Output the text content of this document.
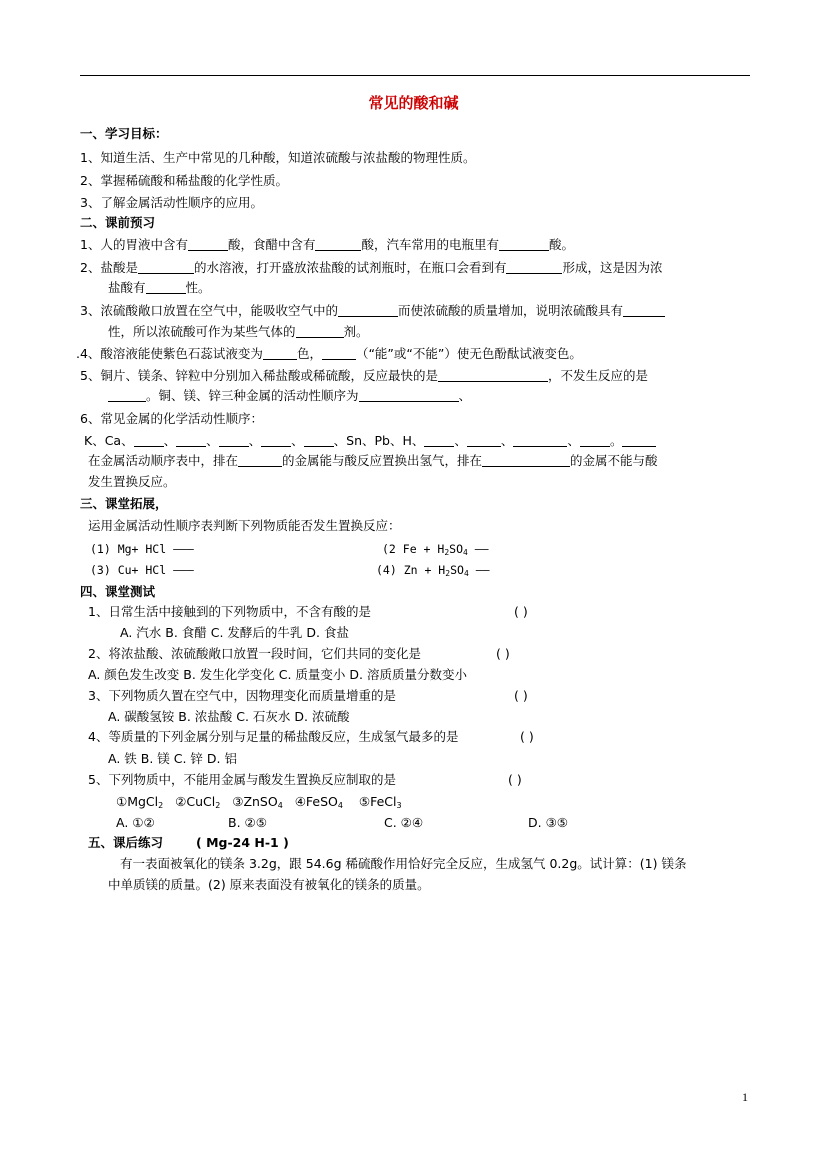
常见的酸和碱
一、学习目标：
1、知道生活、生产中常见的几种酸，知道浓硫酸与浓盐酸的物理性质。
2、掌握稀硫酸和稀盐酸的化学性质。
3、了解金属活动性顺序的应用。
二、课前预习
1、人的胃液中含有	酸，食醋中含有	酸，汽车常用的电瓶里有	酸。
2、盐酸是	的水溶液，打开盛放浓盐酸的试剂瓶时，在瓶口会看到有	形成，这是因为浓
盐酸有	性。
3、浓硫酸敞口放置在空气中，能吸收空气中的	而使浓硫酸的质量增加，说明浓硫酸具有
性，所以浓硫酸可作为某些气体的	剂。
.4、酸溶液能使紫色石蕊试液变为	色，	（“能”或“不能”）使无色酚酞试液变色。
5、铜片、镁条、锌粒中分别加入稀盐酸或稀硫酸，反应最快的是	，不发生反应的是
。铜、镁、锌三种金属的活动性顺序为	、
6、常见金属的化学活动性顺序：
K、Ca、 、 、 、 、 、Sn、Pb、H、 、	、	、 。
在金属活动顺序表中，排在	的金属能与酸反应置换出氢气，排在	的金属不能与酸
发生置换反应。
三、课堂拓展，
运用金属活动性顺序表判断下列物质能否发生置换反应：
(1) Mg+ HCl ———	(2 $Fe + H_2SO_4$ ——
(3) Cu+ HCl ———	(4) $Zn + H_2SO_4$ ——
四、课堂测试
1、日常生活中接触到的下列物质中，不含有酸的是	( )
A. 汽水 B. 食醋 C. 发酵后的牛乳 D. 食盐
2、将浓盐酸、浓硫酸敞口放置一段时间，它们共同的变化是	( )
A. 颜色发生改变 B. 发生化学变化 C. 质量变小 D. 溶质质量分数变小
3、下列物质久置在空气中，因物理变化而质量增重的是	( )
A. 碳酸氢铵 B. 浓盐酸 C. 石灰水 D. 浓硫酸
4、等质量的下列金属分别与足量的稀盐酸反应，生成氢气最多的是	( )
A. 铁 B. 镁 C. 锌 D. 铝
5、下列物质中，不能用金属与酸发生置换反应制取的是	( )
①MgCl$_2$ ②CuCl$_2$ ③ZnSO$_4$ ④FeSO$_4$ ⑤FeCl$_3$
A. ①②	B. ②⑤	C. ②④	D. ③⑤
五、课后练习	( Mg-24 H-1 )
有一表面被氧化的镁条 3.2g，跟 54.6g 稀硫酸作用恰好完全反应，生成氢气 0.2g。试计算：(1) 镁条
中单质镁的质量。(2) 原来表面没有被氧化的镁条的质量。
1
